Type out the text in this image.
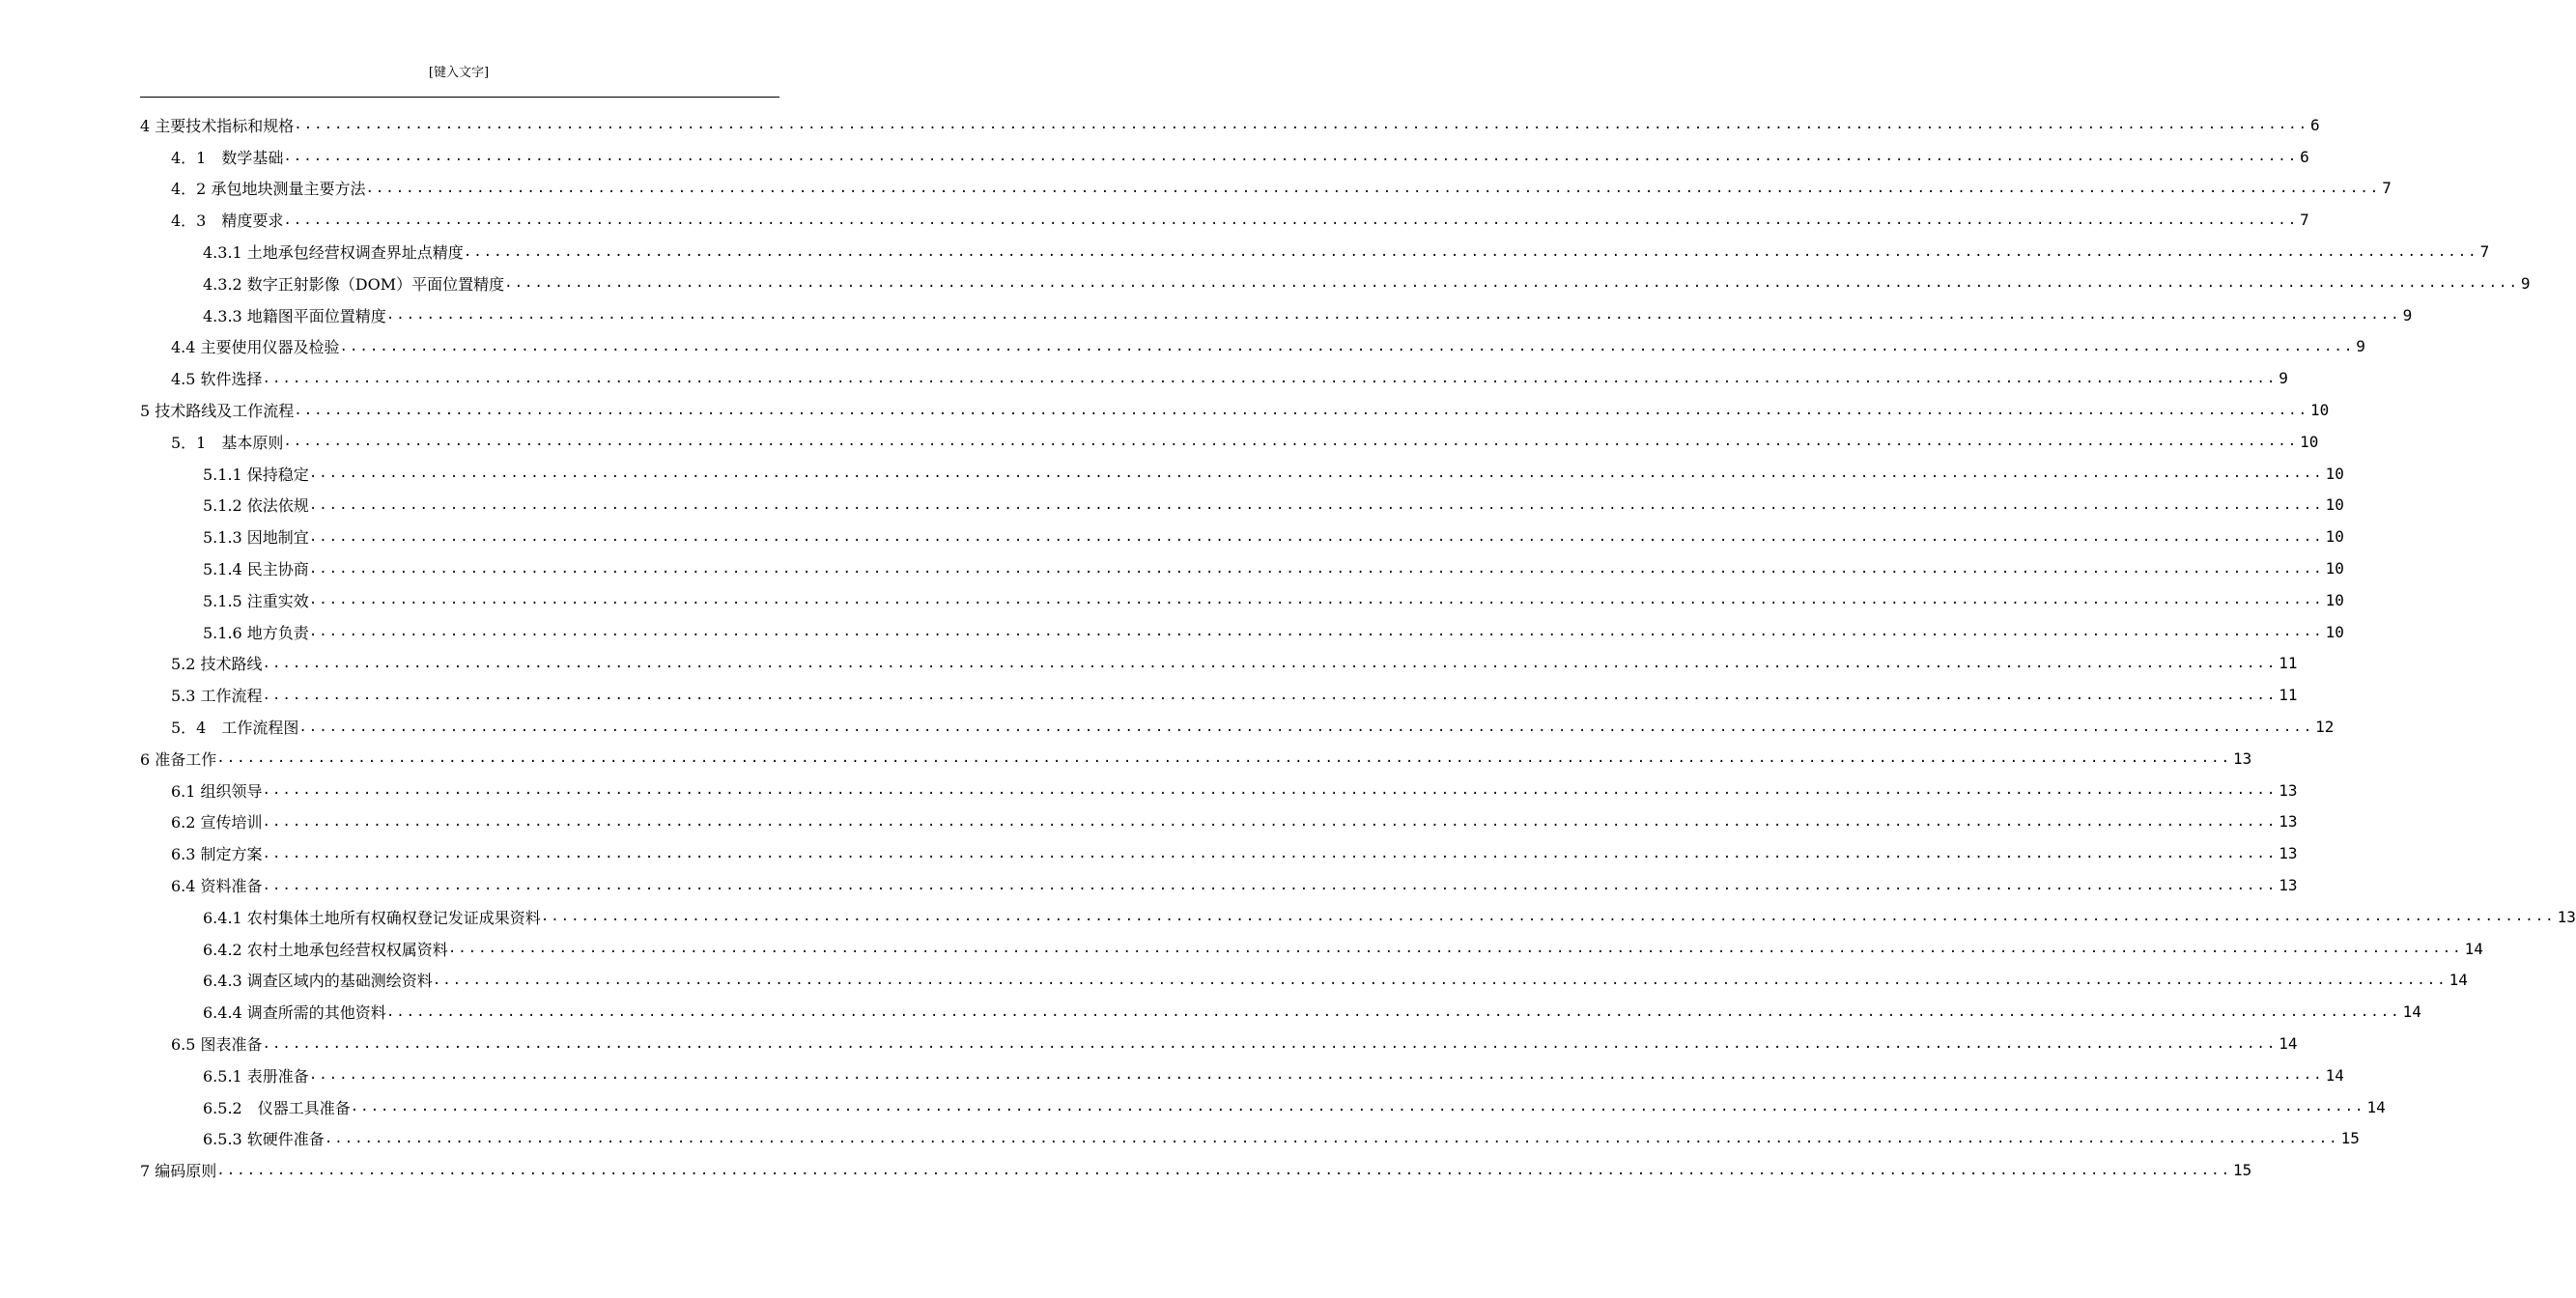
[键入文字]
4 主要技术指标和规格 ........................................................................................................................................................................................................ 6
4．1　数学基础 ........................................................................................................................................................................................................ 6
4．2 承包地块测量主要方法 ........................................................................................................................................................................................................ 7
4．3　精度要求 ........................................................................................................................................................................................................ 7
4.3.1 土地承包经营权调查界址点精度 ........................................................................................................................................................................................................ 7
4.3.2 数字正射影像（DOM）平面位置精度 ........................................................................................................................................................................................................ 9
4.3.3 地籍图平面位置精度 ........................................................................................................................................................................................................ 9
4.4 主要使用仪器及检验 ........................................................................................................................................................................................................ 9
4.5 软件选择 ........................................................................................................................................................................................................ 9
5 技术路线及工作流程 ........................................................................................................................................................................................................ 10
5．1　基本原则 ........................................................................................................................................................................................................ 10
5.1.1 保持稳定 ........................................................................................................................................................................................................ 10
5.1.2 依法依规 ........................................................................................................................................................................................................ 10
5.1.3 因地制宜 ........................................................................................................................................................................................................ 10
5.1.4 民主协商 ........................................................................................................................................................................................................ 10
5.1.5 注重实效 ........................................................................................................................................................................................................ 10
5.1.6 地方负责 ........................................................................................................................................................................................................ 10
5.2 技术路线 ........................................................................................................................................................................................................ 11
5.3 工作流程 ........................................................................................................................................................................................................ 11
5．4　工作流程图 ........................................................................................................................................................................................................ 12
6 准备工作 ........................................................................................................................................................................................................ 13
6.1 组织领导 ........................................................................................................................................................................................................ 13
6.2 宣传培训 ........................................................................................................................................................................................................ 13
6.3 制定方案 ........................................................................................................................................................................................................ 13
6.4 资料准备 ........................................................................................................................................................................................................ 13
6.4.1 农村集体土地所有权确权登记发证成果资料 ........................................................................................................................................................................................................ 13
6.4.2 农村土地承包经营权权属资料 ........................................................................................................................................................................................................ 14
6.4.3 调查区域内的基础测绘资料 ........................................................................................................................................................................................................ 14
6.4.4 调查所需的其他资料 ........................................................................................................................................................................................................ 14
6.5 图表准备 ........................................................................................................................................................................................................ 14
6.5.1 表册准备 ........................................................................................................................................................................................................ 14
6.5.2　仪器工具准备 ........................................................................................................................................................................................................ 14
6.5.3 软硬件准备 ........................................................................................................................................................................................................ 15
7 编码原则 ........................................................................................................................................................................................................ 15
